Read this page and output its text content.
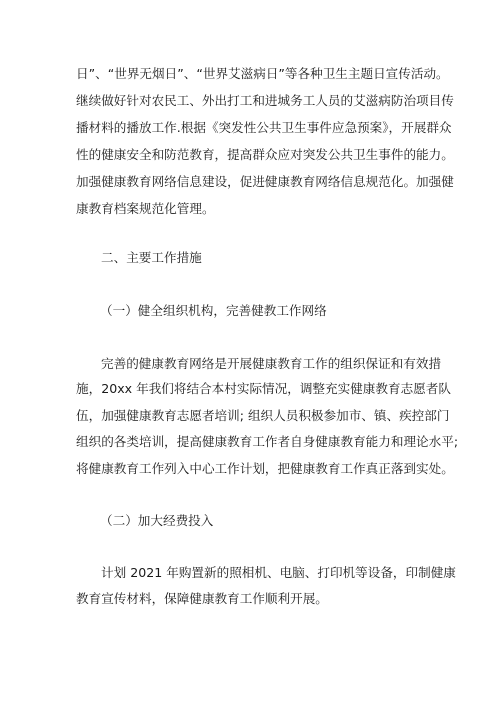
日”、“世界无烟日”、“世界艾滋病日”等各种卫生主题日宣传活动。
继续做好针对农民工、外出打工和进城务工人员的艾滋病防治项目传
播材料的播放工作.根据《突发性公共卫生事件应急预案》，开展群众
性的健康安全和防范教育，提高群众应对突发公共卫生事件的能力。
加强健康教育网络信息建设，促进健康教育网络信息规范化。加强健
康教育档案规范化管理。
二、主要工作措施
（一）健全组织机构，完善健教工作网络
完善的健康教育网络是开展健康教育工作的组织保证和有效措
施，20xx 年我们将结合本村实际情况，调整充实健康教育志愿者队
伍，加强健康教育志愿者培训; 组织人员积极参加市、镇、疾控部门
组织的各类培训，提高健康教育工作者自身健康教育能力和理论水平;
将健康教育工作列入中心工作计划，把健康教育工作真正落到实处。
（二）加大经费投入
计划 2021 年购置新的照相机、电脑、打印机等设备，印制健康
教育宣传材料，保障健康教育工作顺利开展。
